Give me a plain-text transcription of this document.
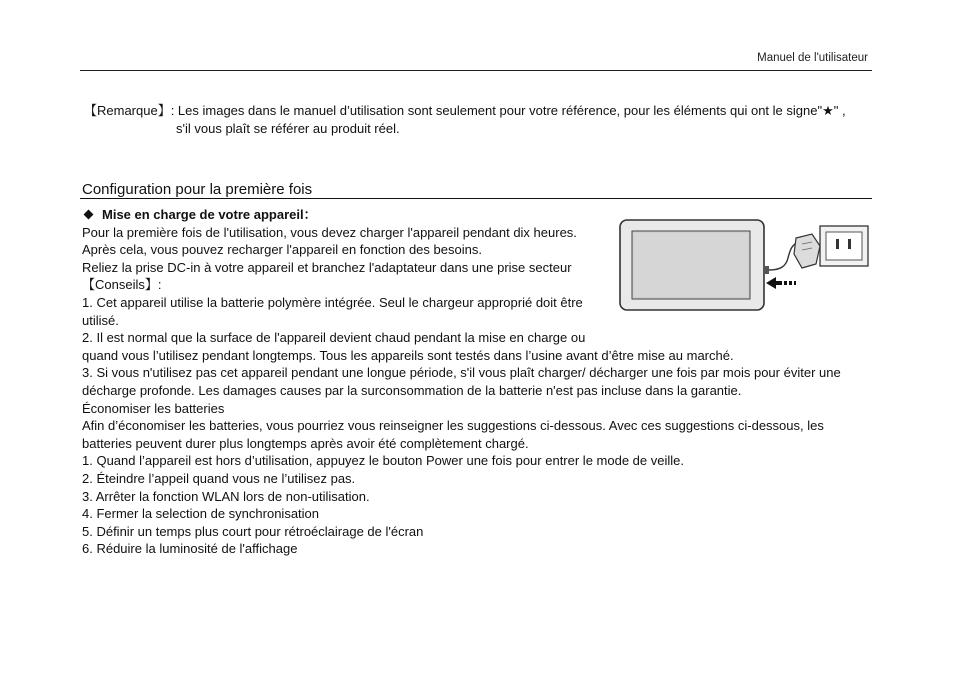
Manuel de l'utilisateur
【Remarque】: Les images dans le manuel d’utilisation sont seulement pour votre référence, pour les éléments qui ont le signe"★" ,
s'il vous plaît se référer au produit réel.
Configuration pour la première fois
Mise en charge de votre appareil：
Pour la première fois de l'utilisation, vous devez charger l'appareil pendant dix heures.
Après cela, vous pouvez recharger l'appareil en fonction des besoins.
Reliez la prise DC-in à votre appareil et branchez l'adaptateur dans une prise secteur
【Conseils】:
1. Cet appareil utilise la batterie polymère intégrée. Seul le chargeur approprié doit être
utilisé.
2. Il est normal que la surface de l'appareil devient chaud pendant la mise en charge ou
quand vous l’utilisez pendant longtemps. Tous les appareils sont testés dans l’usine avant d’être mise au marché.
3. Si vous n'utilisez pas cet appareil pendant une longue période, s'il vous plaît charger/ décharger une fois par mois pour éviter une
décharge profonde. Les damages causes par la surconsommation de la batterie n'est pas incluse dans la garantie.
Économiser les batteries
Afin d’économiser les batteries, vous pourriez vous reinseigner les suggestions ci-dessous. Avec ces suggestions ci-dessous, les
batteries peuvent durer plus longtemps après avoir été complètement chargé.
1. Quand l’appareil est hors d’utilisation, appuyez le bouton Power une fois pour entrer le mode de veille.
2. Éteindre l’appeil quand vous ne l’utilisez pas.
3. Arrêter la fonction WLAN lors de non-utilisation.
4. Fermer la selection de synchronisation
5. Définir un temps plus court pour rétroéclairage de l'écran
6. Réduire la luminosité de l'affichage
